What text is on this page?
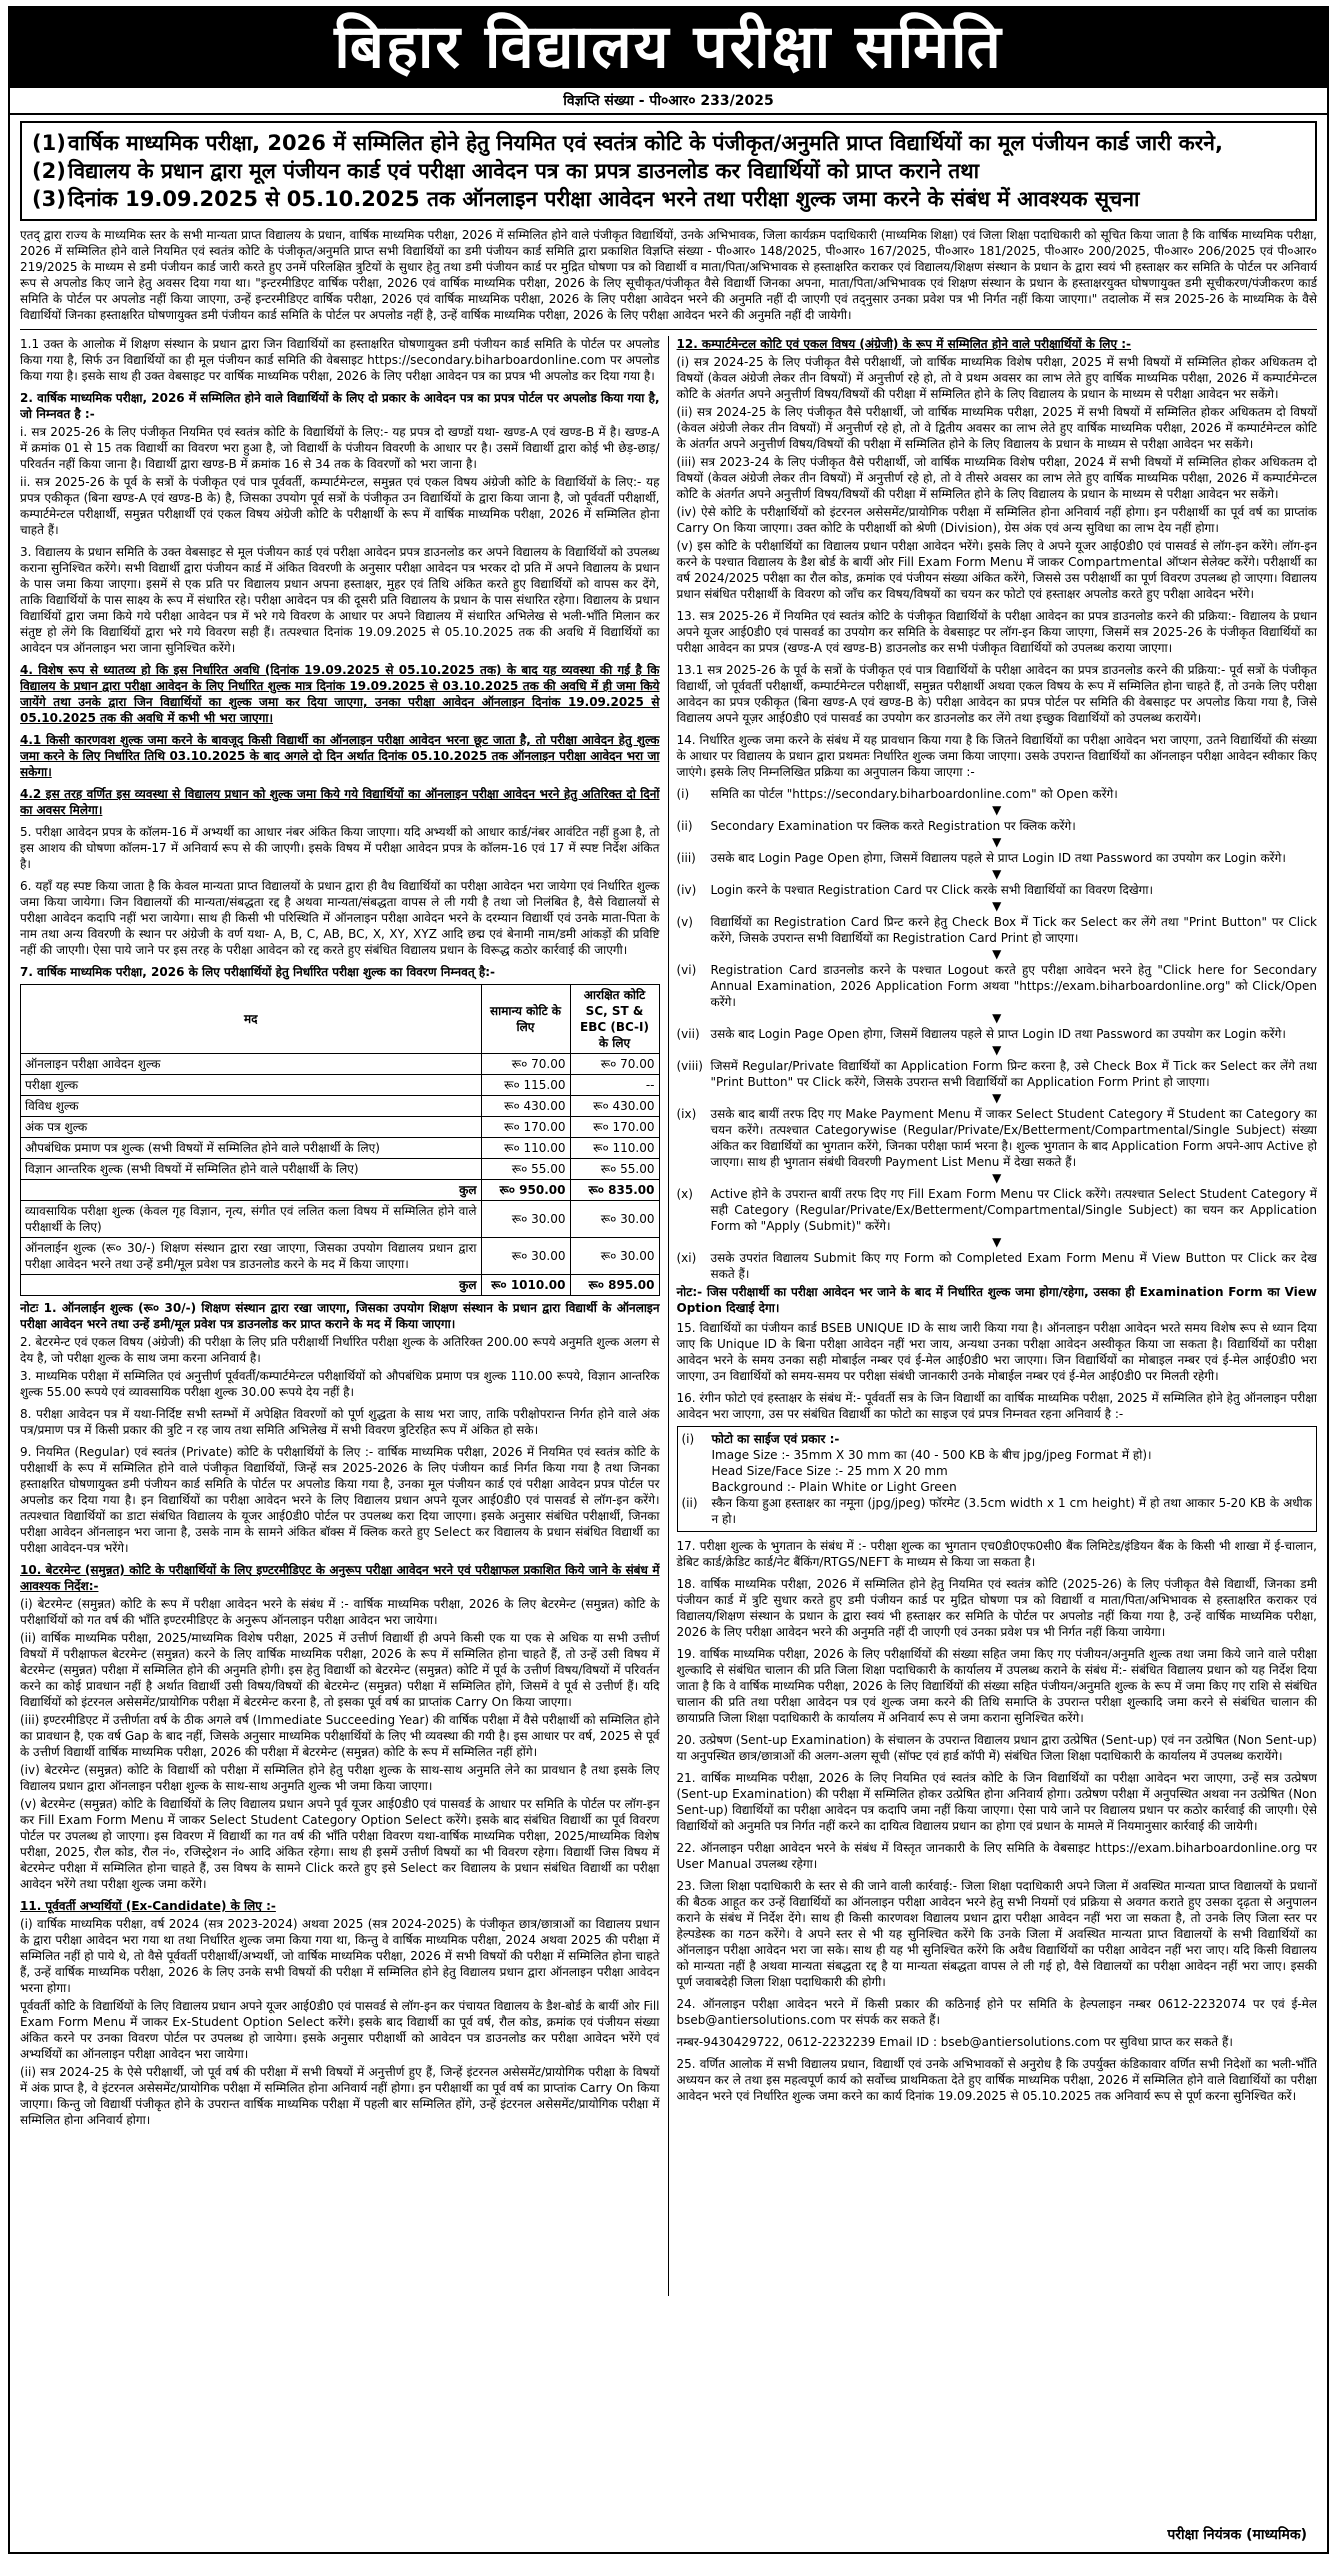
बिहार विद्यालय परीक्षा समिति
विज्ञप्ति संख्या - पी०आर० 233/2025
(1) वार्षिक माध्यमिक परीक्षा, 2026 में सम्मिलित होने हेतु नियमित एवं स्वतंत्र कोटि के पंजीकृत/अनुमति प्राप्त विद्यार्थियों का मूल पंजीयन कार्ड जारी करने,
(2) विद्यालय के प्रधान द्वारा मूल पंजीयन कार्ड एवं परीक्षा आवेदन पत्र का प्रपत्र डाउनलोड कर विद्यार्थियों को प्राप्त कराने तथा
(3) दिनांक 19.09.2025 से 05.10.2025 तक ऑनलाइन परीक्षा आवेदन भरने तथा परीक्षा शुल्क जमा करने के संबंध में आवश्यक सूचना
एतद् द्वारा राज्य के माध्यमिक स्तर के सभी मान्यता प्राप्त विद्यालय के प्रधान, वार्षिक माध्यमिक परीक्षा, 2026 में सम्मिलित होने वाले पंजीकृत विद्यार्थियों, उनके अभिभावक, जिला कार्यक्रम पदाधिकारी (माध्यमिक शिक्षा) एवं जिला शिक्षा पदाधिकारी को सूचित किया जाता है कि वार्षिक माध्यमिक परीक्षा, 2026 में सम्मिलित होने वाले नियमित एवं स्वतंत्र कोटि के पंजीकृत/अनुमति प्राप्त सभी विद्यार्थियों का डमी पंजीयन कार्ड समिति द्वारा प्रकाशित विज्ञप्ति संख्या - पी०आर० 148/2025, पी०आर० 167/2025, पी०आर० 181/2025, पी०आर० 200/2025, पी०आर० 206/2025 एवं पी०आर० 219/2025 के माध्यम से डमी पंजीयन कार्ड जारी करते हुए उनमें परिलक्षित त्रुटियों के सुधार हेतु तथा डमी पंजीयन कार्ड पर मुद्रित घोषणा पत्र को विद्यार्थी व माता/पिता/अभिभावक से हस्ताक्षरित कराकर एवं विद्यालय/शिक्षण संस्थान के प्रधान के द्वारा स्वयं भी हस्ताक्षर कर समिति के पोर्टल पर अनिवार्य रूप से अपलोड किए जाने हेतु अवसर दिया गया था। "इन्टरमीडिएट वार्षिक परीक्षा, 2026 एवं वार्षिक माध्यमिक परीक्षा, 2026 के लिए सूचीकृत/पंजीकृत वैसे विद्यार्थी जिनका अपना, माता/पिता/अभिभावक एवं शिक्षण संस्थान के प्रधान के हस्ताक्षरयुक्त घोषणायुक्त डमी सूचीकरण/पंजीकरण कार्ड समिति के पोर्टल पर अपलोड नहीं किया जाएगा, उन्हें इन्टरमीडिएट वार्षिक परीक्षा, 2026 एवं वार्षिक माध्यमिक परीक्षा, 2026 के लिए परीक्षा आवेदन भरने की अनुमति नहीं दी जाएगी एवं तद्नुसार उनका प्रवेश पत्र भी निर्गत नहीं किया जाएगा।" तदालोक में सत्र 2025-26 के माध्यमिक के वैसे विद्यार्थियों जिनका हस्ताक्षरित घोषणायुक्त डमी पंजीयन कार्ड समिति के पोर्टल पर अपलोड नहीं है, उन्हें वार्षिक माध्यमिक परीक्षा, 2026 के लिए परीक्षा आवेदन भरने की अनुमति नहीं दी जायेगी।
1.1 उक्त के आलोक में शिक्षण संस्थान के प्रधान द्वारा जिन विद्यार्थियों का हस्ताक्षरित घोषणायुक्त डमी पंजीयन कार्ड समिति के पोर्टल पर अपलोड किया गया है, सिर्फ उन विद्यार्थियों का ही मूल पंजीयन कार्ड समिति की वेबसाइट https://secondary.biharboardonline.com पर अपलोड किया गया है। इसके साथ ही उक्त वेबसाइट पर वार्षिक माध्यमिक परीक्षा, 2026 के लिए परीक्षा आवेदन पत्र का प्रपत्र भी अपलोड कर दिया गया है।
2. वार्षिक माध्यमिक परीक्षा, 2026 में सम्मिलित होने वाले विद्यार्थियों के लिए दो प्रकार के आवेदन पत्र का प्रपत्र पोर्टल पर अपलोड किया गया है, जो निम्नवत है :-
i. सत्र 2025-26 के लिए पंजीकृत नियमित एवं स्वतंत्र कोटि के विद्यार्थियों के लिए:- यह प्रपत्र दो खण्डों यथा- खण्ड-A एवं खण्ड-B में है। खण्ड-A में क्रमांक 01 से 15 तक विद्यार्थी का विवरण भरा हुआ है, जो विद्यार्थी के पंजीयन विवरणी के आधार पर है। उसमें विद्यार्थी द्वारा कोई भी छेड़-छाड़/परिवर्तन नहीं किया जाना है। विद्यार्थी द्वारा खण्ड-B में क्रमांक 16 से 34 तक के विवरणों को भरा जाना है।
ii. सत्र 2025-26 के पूर्व के सत्रों के पंजीकृत एवं पात्र पूर्ववर्ती, कम्पार्टमेन्टल, समुन्नत एवं एकल विषय अंग्रेजी कोटि के विद्यार्थियों के लिए:- यह प्रपत्र एकीकृत (बिना खण्ड-A एवं खण्ड-B के) है, जिसका उपयोग पूर्व सत्रों के पंजीकृत उन विद्यार्थियों के द्वारा किया जाना है, जो पूर्ववर्ती परीक्षार्थी, कम्पार्टमेन्टल परीक्षार्थी, समुन्नत परीक्षार्थी एवं एकल विषय अंग्रेजी कोटि के परीक्षार्थी के रूप में वार्षिक माध्यमिक परीक्षा, 2026 में सम्मिलित होना चाहते हैं।
3. विद्यालय के प्रधान समिति के उक्त वेबसाइट से मूल पंजीयन कार्ड एवं परीक्षा आवेदन प्रपत्र डाउनलोड कर अपने विद्यालय के विद्यार्थियों को उपलब्ध कराना सुनिश्चित करेंगे। सभी विद्यार्थी द्वारा पंजीयन कार्ड में अंकित विवरणी के अनुसार परीक्षा आवेदन पत्र भरकर दो प्रति में अपने विद्यालय के प्रधान के पास जमा किया जाएगा। इसमें से एक प्रति पर विद्यालय प्रधान अपना हस्ताक्षर, मुहर एवं तिथि अंकित करते हुए विद्यार्थियों को वापस कर देंगे, ताकि विद्यार्थियों के पास साक्ष्य के रूप में संधारित रहे। परीक्षा आवेदन पत्र की दूसरी प्रति विद्यालय के प्रधान के पास संधारित रहेगा। विद्यालय के प्रधान विद्यार्थियों द्वारा जमा किये गये परीक्षा आवेदन पत्र में भरे गये विवरण के आधार पर अपने विद्यालय में संधारित अभिलेख से भली-भाँति मिलान कर संतुष्ट हो लेंगे कि विद्यार्थियों द्वारा भरे गये विवरण सही हैं। तत्पश्चात दिनांक 19.09.2025 से 05.10.2025 तक की अवधि में विद्यार्थियों का आवेदन पत्र ऑनलाइन भरा जाना सुनिश्चित करेंगे।
4. विशेष रूप से ध्यातव्य हो कि इस निर्धारित अवधि (दिनांक 19.09.2025 से 05.10.2025 तक) के बाद यह व्यवस्था की गई है कि विद्यालय के प्रधान द्वारा परीक्षा आवेदन के लिए निर्धारित शुल्क मात्र दिनांक 19.09.2025 से 03.10.2025 तक की अवधि में ही जमा किये जायेंगे तथा उनके द्वारा जिन विद्यार्थियों का शुल्क जमा कर दिया जाएगा, उनका परीक्षा आवेदन ऑनलाइन दिनांक 19.09.2025 से 05.10.2025 तक की अवधि में कभी भी भरा जाएगा।
4.1 किसी कारणवश शुल्क जमा करने के बावजूद किसी विद्यार्थी का ऑनलाइन परीक्षा आवेदन भरना छूट जाता है, तो परीक्षा आवेदन हेतु शुल्क जमा करने के लिए निर्धारित तिथि 03.10.2025 के बाद अगले दो दिन अर्थात दिनांक 05.10.2025 तक ऑनलाइन परीक्षा आवेदन भरा जा सकेगा।
4.2 इस तरह वर्णित इस व्यवस्था से विद्यालय प्रधान को शुल्क जमा किये गये विद्यार्थियों का ऑनलाइन परीक्षा आवेदन भरने हेतु अतिरिक्त दो दिनों का अवसर मिलेगा।
5. परीक्षा आवेदन प्रपत्र के कॉलम-16 में अभ्यर्थी का आधार नंबर अंकित किया जाएगा। यदि अभ्यर्थी को आधार कार्ड/नंबर आवंटित नहीं हुआ है, तो इस आशय की घोषणा कॉलम-17 में अनिवार्य रूप से की जाएगी। इसके विषय में परीक्षा आवेदन प्रपत्र के कॉलम-16 एवं 17 में स्पष्ट निर्देश अंकित है।
6. यहाँ यह स्पष्ट किया जाता है कि केवल मान्यता प्राप्त विद्यालयों के प्रधान द्वारा ही वैध विद्यार्थियों का परीक्षा आवेदन भरा जायेगा एवं निर्धारित शुल्क जमा किया जायेगा। जिन विद्यालयों की मान्यता/संबद्धता रद्द है अथवा मान्यता/संबद्धता वापस ले ली गयी है तथा जो निलंबित है, वैसे विद्यालयों से परीक्षा आवेदन कदापि नहीं भरा जायेगा। साथ ही किसी भी परिस्थिति में ऑनलाइन परीक्षा आवेदन भरने के दरम्यान विद्यार्थी एवं उनके माता-पिता के नाम तथा अन्य विवरणी के स्थान पर अंग्रेजी के वर्ण यथा- A, B, C, AB, BC, X, XY, XYZ आदि छद्म एवं बेनामी नाम/डमी आंकड़ों की प्रविष्टि नहीं की जाएगी। ऐसा पाये जाने पर इस तरह के परीक्षा आवेदन को रद्द करते हुए संबंधित विद्यालय प्रधान के विरूद्ध कठोर कार्रवाई की जाएगी।
7. वार्षिक माध्यमिक परीक्षा, 2026 के लिए परीक्षार्थियों हेतु निर्धारित परीक्षा शुल्क का विवरण निम्नवत् है:-
मद	सामान्य कोटि के लिए	आरक्षित कोटि SC, ST & EBC (BC-I) के लिए
ऑनलाइन परीक्षा आवेदन शुल्क	रू० 70.00	रू० 70.00
परीक्षा शुल्क	रू० 115.00	--
विविध शुल्क	रू० 430.00	रू० 430.00
अंक पत्र शुल्क	रू० 170.00	रू० 170.00
औपबंधिक प्रमाण पत्र शुल्क (सभी विषयों में सम्मिलित होने वाले परीक्षार्थी के लिए)	रू० 110.00	रू० 110.00
विज्ञान आन्तरिक शुल्क (सभी विषयों में सम्मिलित होने वाले परीक्षार्थी के लिए)	रू० 55.00	रू० 55.00
कुल	रू० 950.00	रू० 835.00
व्यावसायिक परीक्षा शुल्क (केवल गृह विज्ञान, नृत्य, संगीत एवं ललित कला विषय में सम्मिलित होने वाले परीक्षार्थी के लिए)	रू० 30.00	रू० 30.00
ऑनलाईन शुल्क (रू० 30/-) शिक्षण संस्थान द्वारा रखा जाएगा, जिसका उपयोग विद्यालय प्रधान द्वारा परीक्षा आवेदन भरने तथा उन्हें डमी/मूल प्रवेश पत्र डाउनलोड करने के मद में किया जाएगा।	रू० 30.00	रू० 30.00
कुल	रू० 1010.00	रू० 895.00
नोटः 1. ऑनलाईन शुल्क (रू० 30/-) शिक्षण संस्थान द्वारा रखा जाएगा, जिसका उपयोग शिक्षण संस्थान के प्रधान द्वारा विद्यार्थी के ऑनलाइन परीक्षा आवेदन भरने तथा उन्हें डमी/मूल प्रवेश पत्र डाउनलोड कर प्राप्त कराने के मद में किया जाएगा।
2. बेटरमेन्ट एवं एकल विषय (अंग्रेजी) की परीक्षा के लिए प्रति परीक्षार्थी निर्धारित परीक्षा शुल्क के अतिरिक्त 200.00 रूपये अनुमति शुल्क अलग से देय है, जो परीक्षा शुल्क के साथ जमा करना अनिवार्य है।
3. माध्यमिक परीक्षा में सम्मिलित एवं अनुत्तीर्ण पूर्ववर्ती/कम्पार्टमेन्टल परीक्षार्थियों को औपबंधिक प्रमाण पत्र शुल्क 110.00 रूपये, विज्ञान आन्तरिक शुल्क 55.00 रूपये एवं व्यावसायिक परीक्षा शुल्क 30.00 रूपये देय नहीं है।
8. परीक्षा आवेदन पत्र में यथा-निर्दिष्ट सभी स्तम्भों में अपेक्षित विवरणों को पूर्ण शुद्धता के साथ भरा जाए, ताकि परीक्षोपरान्त निर्गत होने वाले अंक पत्र/प्रमाण पत्र में किसी प्रकार की त्रुटि न रह जाय तथा समिति अभिलेख में सभी विवरण त्रुटिरहित रूप में अंकित हो सके।
9. नियमित (Regular) एवं स्वतंत्र (Private) कोटि के परीक्षार्थियों के लिए :- वार्षिक माध्यमिक परीक्षा, 2026 में नियमित एवं स्वतंत्र कोटि के परीक्षार्थी के रूप में सम्मिलित होने वाले पंजीकृत विद्यार्थियों, जिन्हें सत्र 2025-2026 के लिए पंजीयन कार्ड निर्गत किया गया है तथा जिनका हस्ताक्षरित घोषणायुक्त डमी पंजीयन कार्ड समिति के पोर्टल पर अपलोड किया गया है, उनका मूल पंजीयन कार्ड एवं परीक्षा आवेदन प्रपत्र पोर्टल पर अपलोड कर दिया गया है। इन विद्यार्थियों का परीक्षा आवेदन भरने के लिए विद्यालय प्रधान अपने यूजर आई0डी0 एवं पासवर्ड से लॉग-इन करेंगे। तत्पश्चात विद्यार्थियों का डाटा संबंधित विद्यालय के यूजर आई0डी0 पोर्टल पर उपलब्ध करा दिया जाएगा। इसके अनुसार संबंधित परीक्षार्थी, जिनका परीक्षा आवेदन ऑनलाइन भरा जाना है, उसके नाम के सामने अंकित बॉक्स में क्लिक करते हुए Select कर विद्यालय के प्रधान संबंधित विद्यार्थी का परीक्षा आवेदन-पत्र भरेंगे।
10. बेटरमेन्ट (समुन्नत) कोटि के परीक्षार्थियों के लिए इण्टरमीडिएट के अनुरूप परीक्षा आवेदन भरने एवं परीक्षाफल प्रकाशित किये जाने के संबंध में आवश्यक निर्देश:-
(i) बेटरमेन्ट (समुन्नत) कोटि के रूप में परीक्षा आवेदन भरने के संबंध में :- वार्षिक माध्यमिक परीक्षा, 2026 के लिए बेटरमेन्ट (समुन्नत) कोटि के परीक्षार्थियों को गत वर्ष की भाँति इण्टरमीडिएट के अनुरूप ऑनलाइन परीक्षा आवेदन भरा जायेगा।
(ii) वार्षिक माध्यमिक परीक्षा, 2025/माध्यमिक विशेष परीक्षा, 2025 में उत्तीर्ण विद्यार्थी ही अपने किसी एक या एक से अधिक या सभी उत्तीर्ण विषयों में परीक्षाफल बेटरमेन्ट (समुन्नत) करने के लिए वार्षिक माध्यमिक परीक्षा, 2026 के रूप में सम्मिलित होना चाहते हैं, तो उन्हें उसी विषय में बेटरमेन्ट (समुन्नत) परीक्षा में सम्मिलित होने की अनुमति होगी। इस हेतु विद्यार्थी को बेटरमेन्ट (समुन्नत) कोटि में पूर्व के उत्तीर्ण विषय/विषयों में परिवर्तन करने का कोई प्रावधान नहीं है अर्थात विद्यार्थी उसी विषय/विषयों की बेटरमेन्ट (समुन्नत) परीक्षा में सम्मिलित होंगे, जिसमें वे पूर्व से उत्तीर्ण हैं। यदि विद्यार्थियों को इंटरनल असेसमेंट/प्रायोगिक परीक्षा में बेटरमेन्ट करना है, तो इसका पूर्व वर्ष का प्राप्तांक Carry On किया जाएगा।
(iii) इण्टरमीडिएट में उत्तीर्णता वर्ष के ठीक अगले वर्ष (Immediate Succeeding Year) की वार्षिक परीक्षा में वैसे परीक्षार्थी को सम्मिलित होने का प्रावधान है, एक वर्ष Gap के बाद नहीं, जिसके अनुसार माध्यमिक परीक्षार्थियों के लिए भी व्यवस्था की गयी है। इस आधार पर वर्ष, 2025 से पूर्व के उत्तीर्ण विद्यार्थी वार्षिक माध्यमिक परीक्षा, 2026 की परीक्षा में बेटरमेन्ट (समुन्नत) कोटि के रूप में सम्मिलित नहीं होंगे।
(iv) बेटरमेन्ट (समुन्नत) कोटि के विद्यार्थी को परीक्षा में सम्मिलित होने हेतु परीक्षा शुल्क के साथ-साथ अनुमति लेने का प्रावधान है तथा इसके लिए विद्यालय प्रधान द्वारा ऑनलाइन परीक्षा शुल्क के साथ-साथ अनुमति शुल्क भी जमा किया जाएगा।
(v) बेटरमेन्ट (समुन्नत) कोटि के विद्यार्थियों के लिए विद्यालय प्रधान अपने पूर्व यूजर आई0डी0 एवं पासवर्ड के आधार पर समिति के पोर्टल पर लॉग-इन कर Fill Exam Form Menu में जाकर Select Student Category Option Select करेंगे। इसके बाद संबंधित विद्यार्थी का पूर्व विवरण पोर्टल पर उपलब्ध हो जाएगा। इस विवरण में विद्यार्थी का गत वर्ष की भाँति परीक्षा विवरण यथा-वार्षिक माध्यमिक परीक्षा, 2025/माध्यमिक विशेष परीक्षा, 2025, रौल कोड, रौल नं०, रजिस्ट्रेशन नं० आदि अंकित रहेगा। साथ ही इसमें उत्तीर्ण विषयों का भी विवरण रहेगा। विद्यार्थी जिस विषय में बेटरमेन्ट परीक्षा में सम्मिलित होना चाहते हैं, उस विषय के सामने Click करते हुए इसे Select कर विद्यालय के प्रधान संबंधित विद्यार्थी का परीक्षा आवेदन भरेंगे तथा परीक्षा शुल्क जमा करेंगे।
11. पूर्ववर्ती अभ्यर्थियों (Ex-Candidate) के लिए :-
(i) वार्षिक माध्यमिक परीक्षा, वर्ष 2024 (सत्र 2023-2024) अथवा 2025 (सत्र 2024-2025) के पंजीकृत छात्र/छात्राओं का विद्यालय प्रधान के द्वारा परीक्षा आवेदन भरा गया था तथा निर्धारित शुल्क जमा किया गया था, किन्तु वे वार्षिक माध्यमिक परीक्षा, 2024 अथवा 2025 की परीक्षा में सम्मिलित नहीं हो पाये थे, तो वैसे पूर्ववर्ती परीक्षार्थी/अभ्यर्थी, जो वार्षिक माध्यमिक परीक्षा, 2026 में सभी विषयों की परीक्षा में सम्मिलित होना चाहते हैं, उन्हें वार्षिक माध्यमिक परीक्षा, 2026 के लिए उनके सभी विषयों की परीक्षा में सम्मिलित होने हेतु विद्यालय प्रधान द्वारा ऑनलाइन परीक्षा आवेदन भरना होगा।
पूर्ववर्ती कोटि के विद्यार्थियों के लिए विद्यालय प्रधान अपने यूजर आई0डी0 एवं पासवर्ड से लॉग-इन कर पंचायत विद्यालय के डैश-बोर्ड के बायीं ओर Fill Exam Form Menu में जाकर Ex-Student Option Select करेंगे। इसके बाद विद्यार्थी का पूर्व वर्ष, रौल कोड, क्रमांक एवं पंजीयन संख्या अंकित करने पर उनका विवरण पोर्टल पर उपलब्ध हो जायेगा। इसके अनुसार परीक्षार्थी को आवेदन पत्र डाउनलोड कर परीक्षा आवेदन भरेंगे एवं अभ्यर्थियों का ऑनलाइन परीक्षा आवेदन भरा जायेगा।
(ii) सत्र 2024-25 के ऐसे परीक्षार्थी, जो पूर्व वर्ष की परीक्षा में सभी विषयों में अनुत्तीर्ण हुए हैं, जिन्हें इंटरनल असेसमेंट/प्रायोगिक परीक्षा के विषयों में अंक प्राप्त है, वे इंटरनल असेसमेंट/प्रायोगिक परीक्षा में सम्मिलित होना अनिवार्य नहीं होगा। इन परीक्षार्थी का पूर्व वर्ष का प्राप्तांक Carry On किया जाएगा। किन्तु जो विद्यार्थी पंजीकृत होने के उपरान्त वार्षिक माध्यमिक परीक्षा में पहली बार सम्मिलित होंगे, उन्हें इंटरनल असेसमेंट/प्रायोगिक परीक्षा में सम्मिलित होना अनिवार्य होगा।
12. कम्पार्टमेन्टल कोटि एवं एकल विषय (अंग्रेजी) के रूप में सम्मिलित होने वाले परीक्षार्थियों के लिए :-
(i) सत्र 2024-25 के लिए पंजीकृत वैसे परीक्षार्थी, जो वार्षिक माध्यमिक विशेष परीक्षा, 2025 में सभी विषयों में सम्मिलित होकर अधिकतम दो विषयों (केवल अंग्रेजी लेकर तीन विषयों) में अनुत्तीर्ण रहे हो, तो वे प्रथम अवसर का लाभ लेते हुए वार्षिक माध्यमिक परीक्षा, 2026 में कम्पार्टमेन्टल कोटि के अंतर्गत अपने अनुत्तीर्ण विषय/विषयों की परीक्षा में सम्मिलित होने के लिए विद्यालय के प्रधान के माध्यम से परीक्षा आवेदन भर सकेंगे।
(ii) सत्र 2024-25 के लिए पंजीकृत वैसे परीक्षार्थी, जो वार्षिक माध्यमिक परीक्षा, 2025 में सभी विषयों में सम्मिलित होकर अधिकतम दो विषयों (केवल अंग्रेजी लेकर तीन विषयों) में अनुत्तीर्ण रहे हो, तो वे द्वितीय अवसर का लाभ लेते हुए वार्षिक माध्यमिक परीक्षा, 2026 में कम्पार्टमेन्टल कोटि के अंतर्गत अपने अनुत्तीर्ण विषय/विषयों की परीक्षा में सम्मिलित होने के लिए विद्यालय के प्रधान के माध्यम से परीक्षा आवेदन भर सकेंगे।
(iii) सत्र 2023-24 के लिए पंजीकृत वैसे परीक्षार्थी, जो वार्षिक माध्यमिक विशेष परीक्षा, 2024 में सभी विषयों में सम्मिलित होकर अधिकतम दो विषयों (केवल अंग्रेजी लेकर तीन विषयों) में अनुत्तीर्ण रहे हो, तो वे तीसरे अवसर का लाभ लेते हुए वार्षिक माध्यमिक परीक्षा, 2026 में कम्पार्टमेन्टल कोटि के अंतर्गत अपने अनुत्तीर्ण विषय/विषयों की परीक्षा में सम्मिलित होने के लिए विद्यालय के प्रधान के माध्यम से परीक्षा आवेदन भर सकेंगे।
(iv) ऐसे कोटि के परीक्षार्थियों को इंटरनल असेसमेंट/प्रायोगिक परीक्षा में सम्मिलित होना अनिवार्य नहीं होगा। इन परीक्षार्थी का पूर्व वर्ष का प्राप्तांक Carry On किया जाएगा। उक्त कोटि के परीक्षार्थी को श्रेणी (Division), ग्रेस अंक एवं अन्य सुविधा का लाभ देय नहीं होगा।
(v) इस कोटि के परीक्षार्थियों का विद्यालय प्रधान परीक्षा आवेदन भरेंगे। इसके लिए वे अपने यूजर आई0डी0 एवं पासवर्ड से लॉग-इन करेंगे। लॉग-इन करने के पश्चात विद्यालय के डैश बोर्ड के बायीं ओर Fill Exam Form Menu में जाकर Compartmental ऑप्शन सेलेक्ट करेंगे। परीक्षार्थी का वर्ष 2024/2025 परीक्षा का रौल कोड, क्रमांक एवं पंजीयन संख्या अंकित करेंगे, जिससे उस परीक्षार्थी का पूर्ण विवरण उपलब्ध हो जाएगा। विद्यालय प्रधान संबंधित परीक्षार्थी के विवरण को जाँच कर विषय/विषयों का चयन कर फोटो एवं हस्ताक्षर अपलोड करते हुए परीक्षा आवेदन भरेंगे।
13. सत्र 2025-26 में नियमित एवं स्वतंत्र कोटि के पंजीकृत विद्यार्थियों के परीक्षा आवेदन का प्रपत्र डाउनलोड करने की प्रक्रिया:- विद्यालय के प्रधान अपने यूजर आई0डी0 एवं पासवर्ड का उपयोग कर समिति के वेबसाइट पर लॉग-इन किया जाएगा, जिसमें सत्र 2025-26 के पंजीकृत विद्यार्थियों का परीक्षा आवेदन का प्रपत्र (खण्ड-A एवं खण्ड-B) डाउनलोड कर सभी पंजीकृत विद्यार्थियों को उपलब्ध कराया जाएगा।
13.1 सत्र 2025-26 के पूर्व के सत्रों के पंजीकृत एवं पात्र विद्यार्थियों के परीक्षा आवेदन का प्रपत्र डाउनलोड करने की प्रक्रिया:- पूर्व सत्रों के पंजीकृत विद्यार्थी, जो पूर्ववर्ती परीक्षार्थी, कम्पार्टमेन्टल परीक्षार्थी, समुन्नत परीक्षार्थी अथवा एकल विषय के रूप में सम्मिलित होना चाहते हैं, तो उनके लिए परीक्षा आवेदन का प्रपत्र एकीकृत (बिना खण्ड-A एवं खण्ड-B के) परीक्षा आवेदन का प्रपत्र पोर्टल पर समिति की वेबसाइट पर अपलोड किया गया है, जिसे विद्यालय अपने यूज़र आई0डी0 एवं पासवर्ड का उपयोग कर डाउनलोड कर लेंगे तथा इच्छुक विद्यार्थियों को उपलब्ध करायेंगे।
14. निर्धारित शुल्क जमा करने के संबंध में यह प्रावधान किया गया है कि जितने विद्यार्थियों का परीक्षा आवेदन भरा जाएगा, उतने विद्यार्थियों की संख्या के आधार पर विद्यालय के प्रधान द्वारा प्रथमतः निर्धारित शुल्क जमा किया जाएगा। उसके उपरान्त विद्यार्थियों का ऑनलाइन परीक्षा आवेदन स्वीकार किए जाएंगे। इसके लिए निम्नलिखित प्रक्रिया का अनुपालन किया जाएगा :-
(i)	समिति का पोर्टल "https://secondary.biharboardonline.com" को Open करेंगे।
▼
(ii)	Secondary Examination पर क्लिक करते Registration पर क्लिक करेंगे।
▼
(iii)	उसके बाद Login Page Open होगा, जिसमें विद्यालय पहले से प्राप्त Login ID तथा Password का उपयोग कर Login करेंगे।
▼
(iv)	Login करने के पश्चात Registration Card पर Click करके सभी विद्यार्थियों का विवरण दिखेगा।
▼
(v)	विद्यार्थियों का Registration Card प्रिन्ट करने हेतु Check Box में Tick कर Select कर लेंगे तथा "Print Button" पर Click करेंगे, जिसके उपरान्त सभी विद्यार्थियों का Registration Card Print हो जाएगा।
▼
(vi)	Registration Card डाउनलोड करने के पश्चात Logout करते हुए परीक्षा आवेदन भरने हेतु "Click here for Secondary Annual Examination, 2026 Application Form अथवा "https://exam.biharboardonline.org" को Click/Open करेंगे।
▼
(vii) उसके बाद Login Page Open होगा, जिसमें विद्यालय पहले से प्राप्त Login ID तथा Password का उपयोग कर Login करेंगे।
▼
(viii) जिसमें Regular/Private विद्यार्थियों का Application Form प्रिन्ट करना है, उसे Check Box में Tick कर Select कर लेंगे तथा "Print Button" पर Click करेंगे, जिसके उपरान्त सभी विद्यार्थियों का Application Form Print हो जाएगा।
▼
(ix)	उसके बाद बायीं तरफ दिए गए Make Payment Menu में जाकर Select Student Category में Student का Category का चयन करेंगे। तत्पश्चात Categorywise (Regular/Private/Ex/Betterment/Compartmental/Single Subject) संख्या अंकित कर विद्यार्थियों का भुगतान करेंगे, जिनका परीक्षा फार्म भरना है। शुल्क भुगतान के बाद Application Form अपने-आप Active हो जाएगा। साथ ही भुगतान संबंधी विवरणी Payment List Menu में देखा सकते हैं।
▼
(x)	Active होने के उपरान्त बायीं तरफ दिए गए Fill Exam Form Menu पर Click करेंगे। तत्पश्चात Select Student Category में सही Category (Regular/Private/Ex/Betterment/Compartmental/Single Subject) का चयन कर Application Form को "Apply (Submit)" करेंगे।
▼
(xi)	उसके उपरांत विद्यालय Submit किए गए Form को Completed Exam Form Menu में View Button पर Click कर देख सकते हैं।
नोट:- जिस परीक्षार्थी का परीक्षा आवेदन भर जाने के बाद में निर्धारित शुल्क जमा होगा/रहेगा, उसका ही Examination Form का View Option दिखाई देगा।
15. विद्यार्थियों का पंजीयन कार्ड BSEB UNIQUE ID के साथ जारी किया गया है। ऑनलाइन परीक्षा आवेदन भरते समय विशेष रूप से ध्यान दिया जाए कि Unique ID के बिना परीक्षा आवेदन नहीं भरा जाय, अन्यथा उनका परीक्षा आवेदन अस्वीकृत किया जा सकता है। विद्यार्थियों का परीक्षा आवेदन भरने के समय उनका सही मोबाईल नम्बर एवं ई-मेल आई0डी0 भरा जाएगा। जिन विद्यार्थियों का मोबाइल नम्बर एवं ई-मेल आई0डी0 भरा जाएगा, उन विद्यार्थियों को समय-समय पर परीक्षा संबंधी जानकारी उनके मोबाईल नम्बर एवं ई-मेल आई0डी0 पर मिलती रहेगी।
16. रंगीन फोटो एवं हस्ताक्षर के संबंध में:- पूर्ववर्ती सत्र के जिन विद्यार्थी का वार्षिक माध्यमिक परीक्षा, 2025 में सम्मिलित होने हेतु ऑनलाइन परीक्षा आवेदन भरा जाएगा, उस पर संबंधित विद्यार्थी का फोटो का साइज एवं प्रपत्र निम्नवत रहना अनिवार्य है :-
(i)	फोटो का साईज एवं प्रकार :-
Image Size :- 35mm X 30 mm का (40 - 500 KB के बीच jpg/jpeg Format में हो)।
Head Size/Face Size :- 25 mm X 20 mm
Background :- Plain White or Light Green
(ii)	स्कैन किया हुआ हस्ताक्षर का नमूना (jpg/jpeg) फॉरमेट (3.5cm width x 1 cm height) में हो तथा आकार 5-20 KB के अधीक न हो।
17. परीक्षा शुल्क के भुगतान के संबंध में :- परीक्षा शुल्क का भुगतान एच0डी0एफ0सी0 बैंक लिमिटेड/इंडियन बैंक के किसी भी शाखा में ई-चालान, डेबिट कार्ड/क्रेडिट कार्ड/नेट बैंकिंग/RTGS/NEFT के माध्यम से किया जा सकता है।
18. वार्षिक माध्यमिक परीक्षा, 2026 में सम्मिलित होने हेतु नियमित एवं स्वतंत्र कोटि (2025-26) के लिए पंजीकृत वैसे विद्यार्थी, जिनका डमी पंजीयन कार्ड में त्रुटि सुधार करते हुए डमी पंजीयन कार्ड पर मुद्रित घोषणा पत्र को विद्यार्थी व माता/पिता/अभिभावक से हस्ताक्षरित कराकर एवं विद्यालय/शिक्षण संस्थान के प्रधान के द्वारा स्वयं भी हस्ताक्षर कर समिति के पोर्टल पर अपलोड नहीं किया गया है, उन्हें वार्षिक माध्यमिक परीक्षा, 2026 के लिए परीक्षा आवेदन भरने की अनुमति नहीं दी जाएगी एवं उनका प्रवेश पत्र भी निर्गत नहीं किया जायेगा।
19. वार्षिक माध्यमिक परीक्षा, 2026 के लिए परीक्षार्थियों की संख्या सहित जमा किए गए पंजीयन/अनुमति शुल्क तथा जमा किये जाने वाले परीक्षा शुल्कादि से संबंधित चालान की प्रति जिला शिक्षा पदाधिकारी के कार्यालय में उपलब्ध कराने के संबंध में:- संबंधित विद्यालय प्रधान को यह निर्देश दिया जाता है कि वे वार्षिक माध्यमिक परीक्षा, 2026 के लिए विद्यार्थियों की संख्या सहित पंजीयन/अनुमति शुल्क के रूप में जमा किए गए राशि से संबंधित चालान की प्रति तथा परीक्षा आवेदन पत्र एवं शुल्क जमा करने की तिथि समाप्ति के उपरान्त परीक्षा शुल्कादि जमा करने से संबंधित चालान की छायाप्रति जिला शिक्षा पदाधिकारी के कार्यालय में अनिवार्य रूप से जमा कराना सुनिश्चित करेंगे।
20. उत्प्रेषण (Sent-up Examination) के संचालन के उपरान्त विद्यालय प्रधान द्वारा उत्प्रेषित (Sent-up) एवं नन उत्प्रेषित (Non Sent-up) या अनुपस्थित छात्र/छात्राओं की अलग-अलग सूची (सॉफ्ट एवं हार्ड कॉपी में) संबंधित जिला शिक्षा पदाधिकारी के कार्यालय में उपलब्ध करायेंगे।
21. वार्षिक माध्यमिक परीक्षा, 2026 के लिए नियमित एवं स्वतंत्र कोटि के जिन विद्यार्थियों का परीक्षा आवेदन भरा जाएगा, उन्हें सत्र उत्प्रेषण (Sent-up Examination) की परीक्षा में सम्मिलित होकर उत्प्रेषित होना अनिवार्य होगा। उत्प्रेषण परीक्षा में अनुपस्थित अथवा नन उत्प्रेषित (Non Sent-up) विद्यार्थियों का परीक्षा आवेदन पत्र कदापि जमा नहीं किया जाएगा। ऐसा पाये जाने पर विद्यालय प्रधान पर कठोर कार्रवाई की जाएगी। ऐसे विद्यार्थियों को अनुमति पत्र निर्गत नहीं करने का दायित्व विद्यालय प्रधान का होगा एवं प्रधान के मामले में नियमानुसार कार्रवाई की जायेगी।
22. ऑनलाइन परीक्षा आवेदन भरने के संबंध में विस्तृत जानकारी के लिए समिति के वेबसाइट https://exam.biharboardonline.org पर User Manual उपलब्ध रहेगा।
23. जिला शिक्षा पदाधिकारी के स्तर से की जाने वाली कार्रवाई:- जिला शिक्षा पदाधिकारी अपने जिला में अवस्थित मान्यता प्राप्त विद्यालयों के प्रधानों की बैठक आहूत कर उन्हें विद्यार्थियों का ऑनलाइन परीक्षा आवेदन भरने हेतु सभी नियमों एवं प्रक्रिया से अवगत कराते हुए उसका दृढ़ता से अनुपालन कराने के संबंध में निर्देश देंगे। साथ ही किसी कारणवश विद्यालय प्रधान द्वारा परीक्षा आवेदन नहीं भरा जा सकता है, तो उनके लिए जिला स्तर पर हेल्पडेस्क का गठन करेंगे। वे अपने स्तर से भी यह सुनिश्चित करेंगे कि उनके जिला में अवस्थित मान्यता प्राप्त विद्यालयों के सभी विद्यार्थियों का ऑनलाइन परीक्षा आवेदन भरा जा सके। साथ ही यह भी सुनिश्चित करेंगे कि अवैध विद्यार्थियों का परीक्षा आवेदन नहीं भरा जाए। यदि किसी विद्यालय को मान्यता नहीं है अथवा मान्यता संबद्धता रद्द है या मान्यता संबद्धता वापस ले ली गई हो, वैसे विद्यालयों का परीक्षा आवेदन नहीं भरा जाए। इसकी पूर्ण जवाबदेही जिला शिक्षा पदाधिकारी की होगी।
24. ऑनलाइन परीक्षा आवेदन भरने में किसी प्रकार की कठिनाई होने पर समिति के हेल्पलाइन नम्बर 0612-2232074 पर एवं ई-मेल bseb@antiersolutions.com पर संपर्क कर सकते हैं।
नम्बर-9430429722, 0612-2232239 Email ID : bseb@antiersolutions.com पर सुविधा प्राप्त कर सकते हैं।
25. वर्णित आलोक में सभी विद्यालय प्रधान, विद्यार्थी एवं उनके अभिभावकों से अनुरोध है कि उपर्युक्त कंडिकावार वर्णित सभी निदेशों का भली-भाँति अध्ययन कर ले तथा इस महत्वपूर्ण कार्य को सर्वोच्च प्राथमिकता देते हुए वार्षिक माध्यमिक परीक्षा, 2026 में सम्मिलित होने वाले विद्यार्थियों का परीक्षा आवेदन भरने एवं निर्धारित शुल्क जमा करने का कार्य दिनांक 19.09.2025 से 05.10.2025 तक अनिवार्य रूप से पूर्ण करना सुनिश्चित करें।
परीक्षा नियंत्रक (माध्यमिक)
